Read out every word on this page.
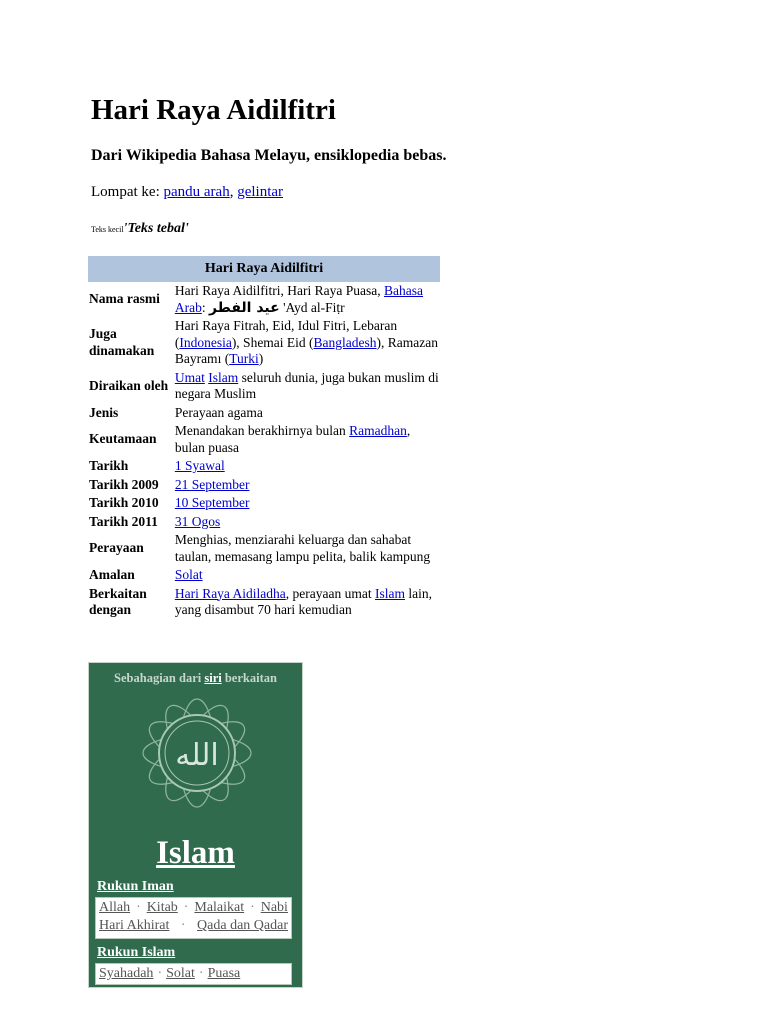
Hari Raya Aidilfitri
Dari Wikipedia Bahasa Melayu, ensiklopedia bebas.
Lompat ke: pandu arah, gelintar
Teks kecil'Teks tebal'
Hari Raya Aidilfitri	
Nama rasmi	Hari Raya Aidilfitri, Hari Raya Puasa, Bahasa Arab: عيد الفطر 'Ayd al-Fiṭr
Juga dinamakan	Hari Raya Fitrah, Eid, Idul Fitri, Lebaran (Indonesia), Shemai Eid (Bangladesh), Ramazan Bayramı (Turki)
Diraikan oleh	Umat Islam seluruh dunia, juga bukan muslim di negara Muslim
Jenis	Perayaan agama
Keutamaan	Menandakan berakhirnya bulan Ramadhan, bulan puasa
Tarikh	1 Syawal
Tarikh 2009	21 September
Tarikh 2010	10 September
Tarikh 2011	31 Ogos
Perayaan	Menghias, menziarahi keluarga dan sahabat taulan, memasang lampu pelita, balik kampung
Amalan	Solat
Berkaitan dengan	Hari Raya Aidiladha, perayaan umat Islam lain, yang disambut 70 hari kemudian
Sebahagian dari siri berkaitan
الله
Islam
Rukun Iman
Allah · Kitab · Malaikat · Nabi
Hari Akhirat · Qada dan Qadar
Rukun Islam
Syahadah · Solat · Puasa
